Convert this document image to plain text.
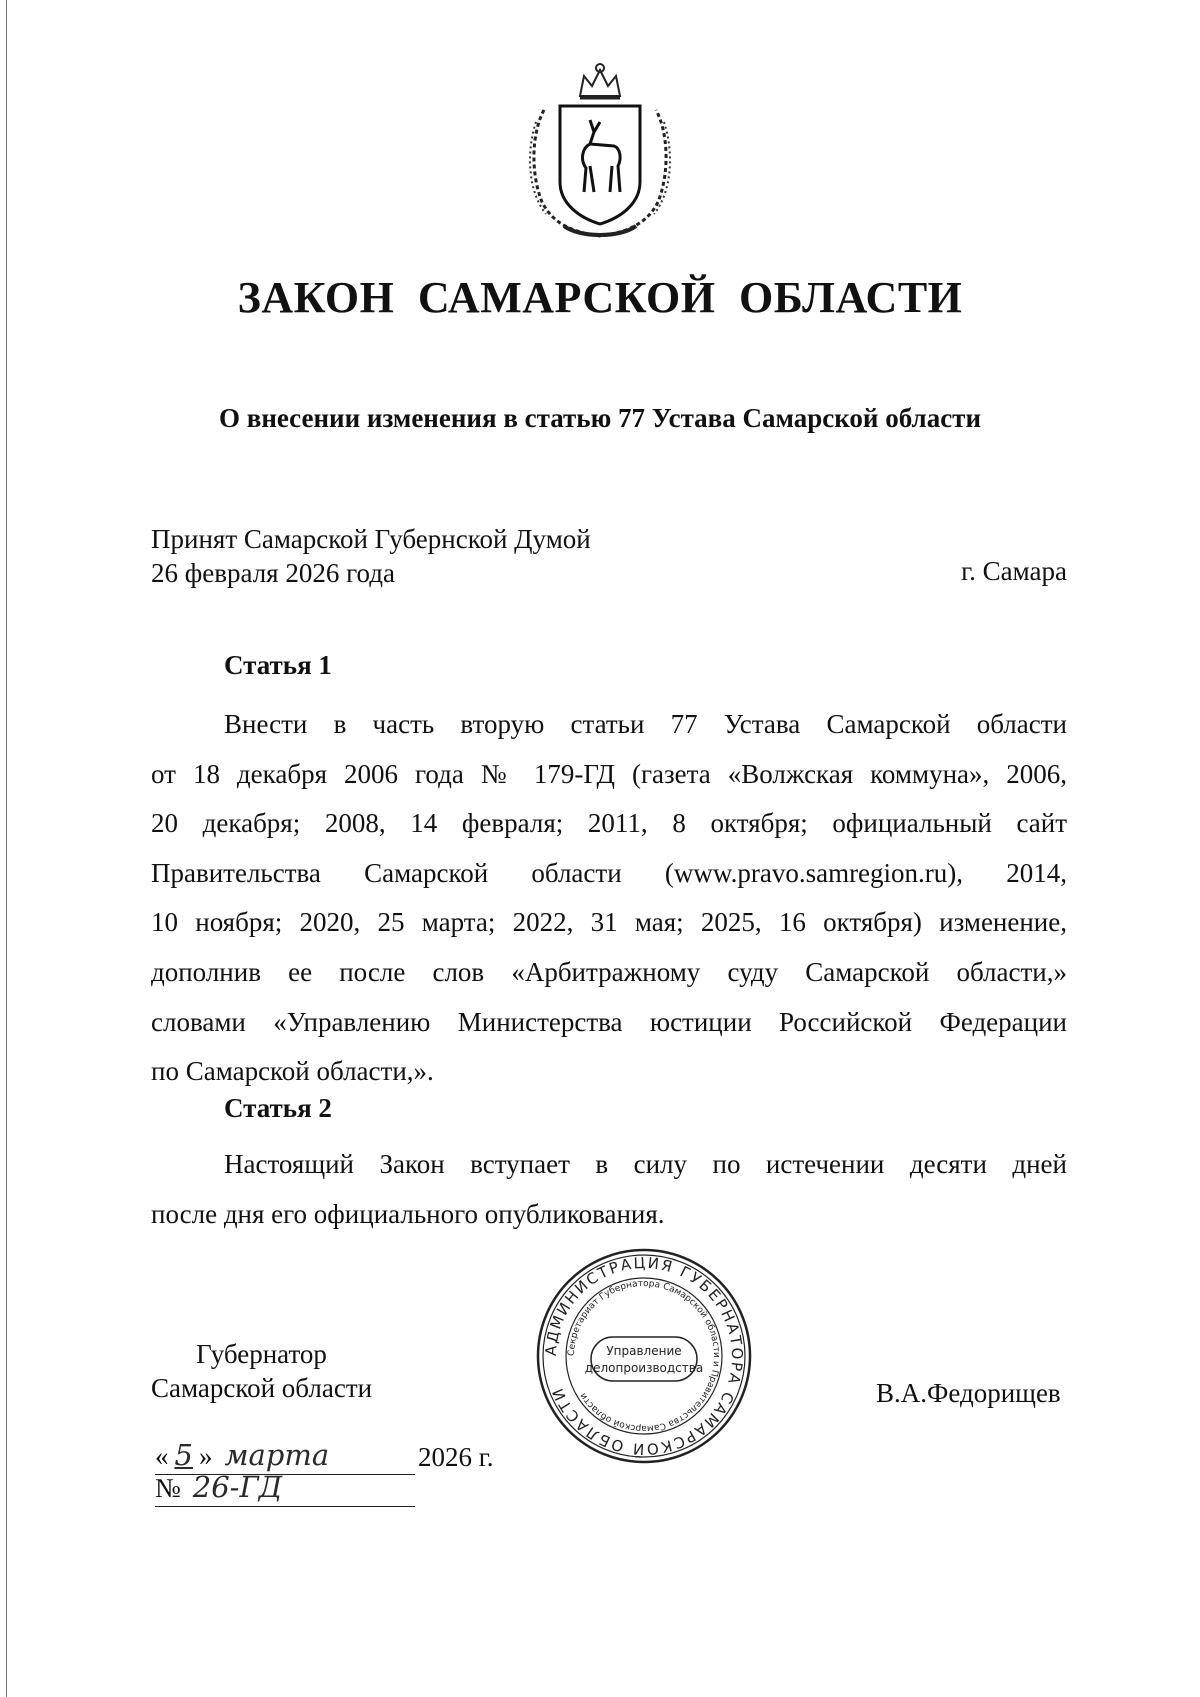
ЗАКОН САМАРСКОЙ ОБЛАСТИ
О внесении изменения в статью 77 Устава Самарской области
Принят Самарской Губернской Думой
26 февраля 2026 года	г. Самара
Статья 1
Внести в часть вторую статьи 77 Устава Самарской области
от 18 декабря 2006 года № 179-ГД (газета «Волжская коммуна», 2006,
20 декабря; 2008, 14 февраля; 2011, 8 октября; официальный сайт
Правительства Самарской области (www.pravo.samregion.ru), 2014,
10 ноября; 2020, 25 марта; 2022, 31 мая; 2025, 16 октября) изменение,
дополнив ее после слов «Арбитражному суду Самарской области,»
словами «Управлению Министерства юстиции Российской Федерации
по Самарской области,».
Статья 2
Настоящий Закон вступает в силу по истечении десяти дней
после дня его официального опубликования.
Губернатор
Самарской области	В.А.Федорищев
« 5 » марта	2026 г.
№ 26-ГД
АДМИНИСТРАЦИЯ ГУБЕРНАТОРА САМАРСКОЙ ОБЛАСТИ
Секретариат Губернатора Самарской области и Правительства Самарской области
Управление
делопроизводства
